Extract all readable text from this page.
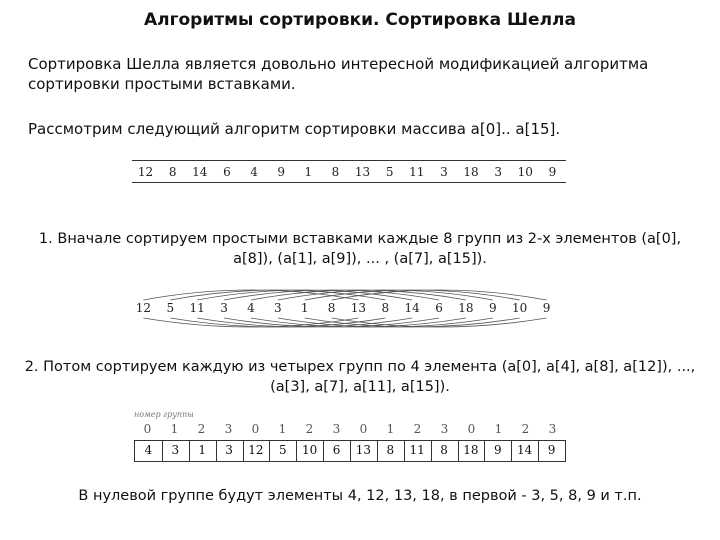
Алгоритмы сортировки. Сортировка Шелла
Сортировка Шелла является довольно интересной модификацией алгоритма сортировки простыми вставками.
Рассмотрим следующий алгоритм сортировки массива a[0].. a[15].
12	8	14	6	4	9	1	8	13	5	11	3	18	3	10	9
1. Вначале сортируем простыми вставками каждые 8 групп из 2-х элементов (a[0],
a[8]), (a[1], a[9]), ... , (a[7], a[15]).
12	5	11	3	4	3	1	8	13	8	14	6	18	9	10	9
2. Потом сортируем каждую из четырех групп по 4 элемента (a[0], a[4], a[8], a[12]), ...,
(a[3], a[7], a[11], a[15]).
номер группы
0	1	2	3	0	1	2	3	0	1	2	3	0	1	2	3
4	3	1	3	12	5	10	6	13	8	11	8	18	9	14	9
В нулевой группе будут элементы 4, 12, 13, 18, в первой - 3, 5, 8, 9 и т.п.
